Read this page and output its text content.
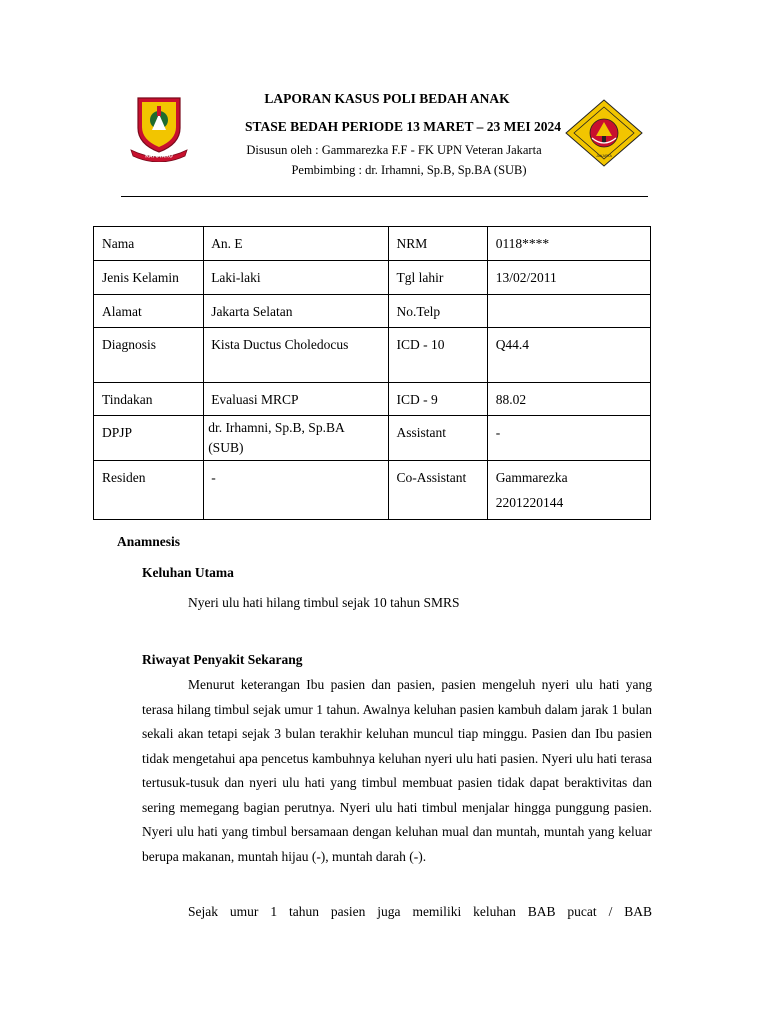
KAYUTARO	JAKARTA
LAPORAN KASUS POLI BEDAH ANAK
STASE BEDAH PERIODE 13 MARET – 23 MEI 2024
Disusun oleh : Gammarezka F.F - FK UPN Veteran Jakarta
Pembimbing : dr. Irhamni, Sp.B, Sp.BA (SUB)
Nama	An. E	NRM	0118****
Jenis Kelamin	Laki-laki	Tgl lahir	13/02/2011
Alamat	Jakarta Selatan	No.Telp	
Diagnosis	Kista Ductus Choledocus	ICD - 10	Q44.4
Tindakan	Evaluasi MRCP	ICD - 9	88.02
DPJP	dr. Irhamni, Sp.B, Sp.BA (SUB)	Assistant	-
Residen	-	Co-Assistant	Gammarezka
2201220144
Anamnesis
Keluhan Utama
Nyeri ulu hati hilang timbul sejak 10 tahun SMRS
Riwayat Penyakit Sekarang
Menurut keterangan Ibu pasien dan pasien, pasien mengeluh nyeri ulu hati yang terasa hilang timbul sejak umur 1 tahun. Awalnya keluhan pasien kambuh dalam jarak 1 bulan sekali akan tetapi sejak 3 bulan terakhir keluhan muncul tiap minggu. Pasien dan Ibu pasien tidak mengetahui apa pencetus kambuhnya keluhan nyeri ulu hati pasien. Nyeri ulu hati terasa tertusuk-tusuk dan nyeri ulu hati yang timbul membuat pasien tidak dapat beraktivitas dan sering memegang bagian perutnya. Nyeri ulu hati timbul menjalar hingga punggung pasien. Nyeri ulu hati yang timbul bersamaan dengan keluhan mual dan muntah, muntah yang keluar berupa makanan, muntah hijau (-), muntah darah (-).
Sejak umur 1 tahun pasien juga memiliki keluhan BAB pucat / BAB
